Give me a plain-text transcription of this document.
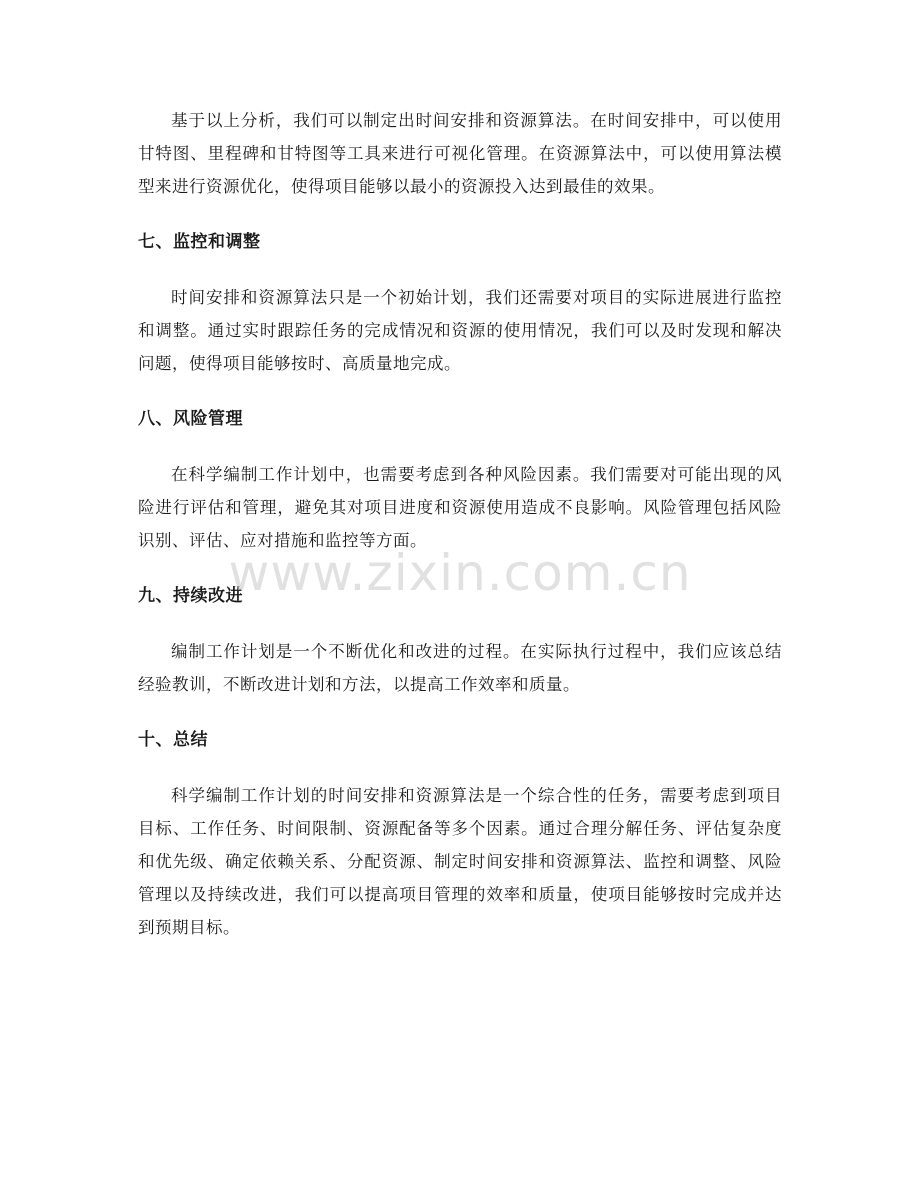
基于以上分析，我们可以制定出时间安排和资源算法。在时间安排中，可以使用甘特图、里程碑和甘特图等工具来进行可视化管理。在资源算法中，可以使用算法模型来进行资源优化，使得项目能够以最小的资源投入达到最佳的效果。

七、监控和调整

时间安排和资源算法只是一个初始计划，我们还需要对项目的实际进展进行监控和调整。通过实时跟踪任务的完成情况和资源的使用情况，我们可以及时发现和解决问题，使得项目能够按时、高质量地完成。

八、风险管理

在科学编制工作计划中，也需要考虑到各种风险因素。我们需要对可能出现的风险进行评估和管理，避免其对项目进度和资源使用造成不良影响。风险管理包括风险识别、评估、应对措施和监控等方面。

九、持续改进

编制工作计划是一个不断优化和改进的过程。在实际执行过程中，我们应该总结经验教训，不断改进计划和方法，以提高工作效率和质量。

十、总结

科学编制工作计划的时间安排和资源算法是一个综合性的任务，需要考虑到项目目标、工作任务、时间限制、资源配备等多个因素。通过合理分解任务、评估复杂度和优先级、确定依赖关系、分配资源、制定时间安排和资源算法、监控和调整、风险管理以及持续改进，我们可以提高项目管理的效率和质量，使项目能够按时完成并达到预期目标。

www.zixin.com.cn
